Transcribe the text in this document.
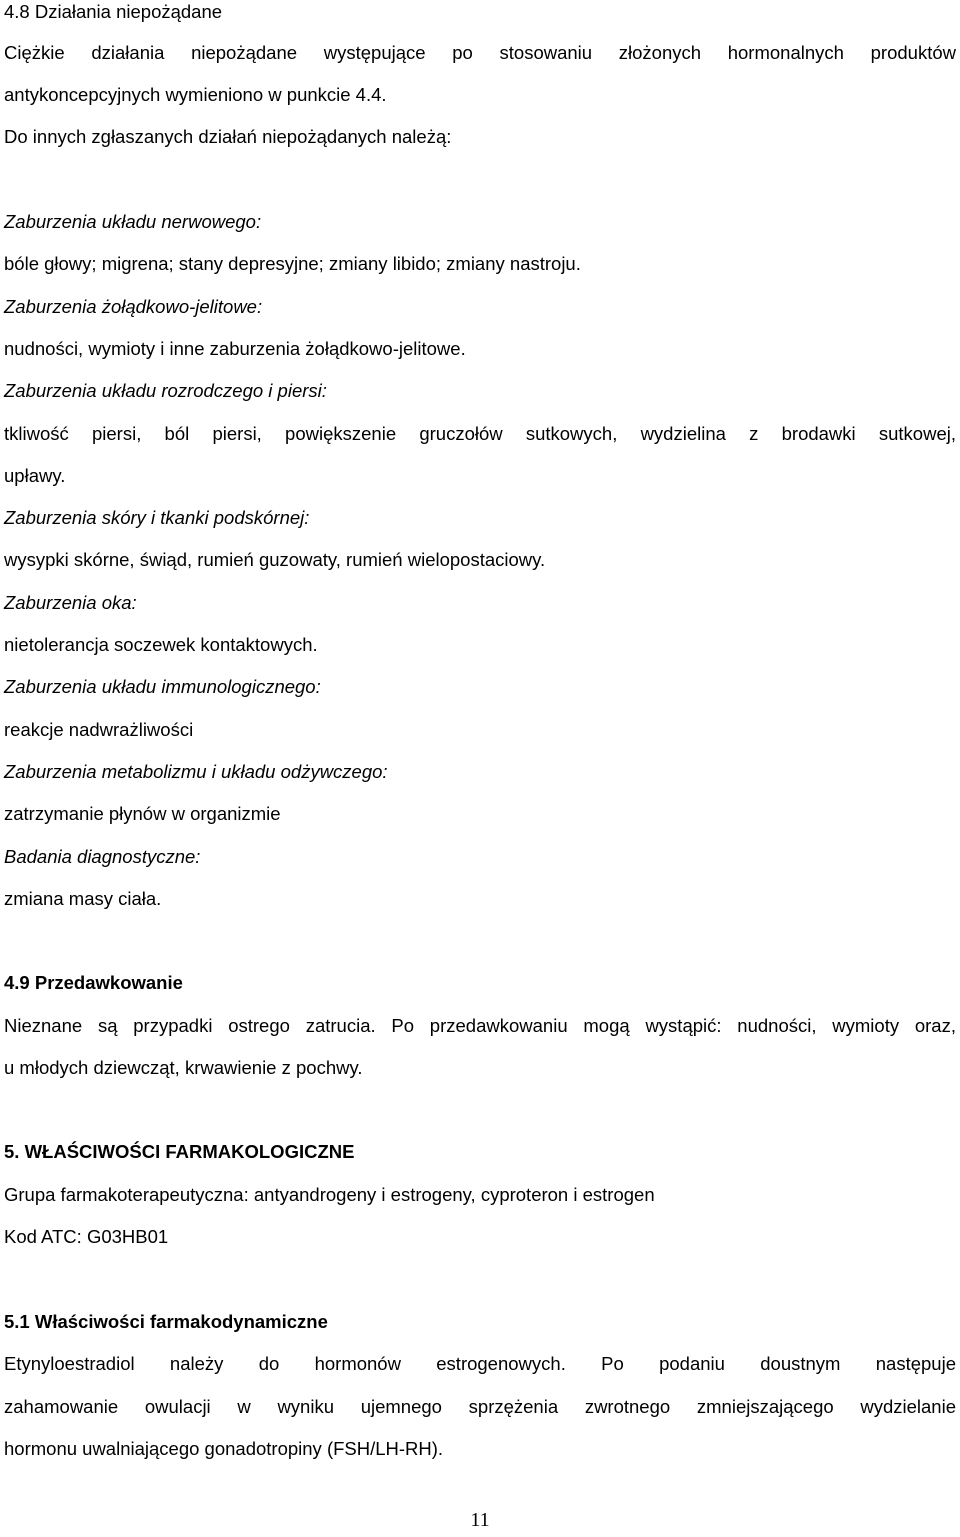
4.8 Działania niepożądane
Ciężkie działania niepożądane występujące po stosowaniu złożonych hormonalnych produktów
antykoncepcyjnych wymieniono w punkcie 4.4.
Do innych zgłaszanych działań niepożądanych należą:
Zaburzenia układu nerwowego:
bóle głowy; migrena; stany depresyjne; zmiany libido; zmiany nastroju.
Zaburzenia żołądkowo-jelitowe:
nudności, wymioty i inne zaburzenia żołądkowo-jelitowe.
Zaburzenia układu rozrodczego i piersi:
tkliwość piersi, ból piersi, powiększenie gruczołów sutkowych, wydzielina z brodawki sutkowej,
upławy.
Zaburzenia skóry i tkanki podskórnej:
wysypki skórne, świąd, rumień guzowaty, rumień wielopostaciowy.
Zaburzenia oka:
nietolerancja soczewek kontaktowych.
Zaburzenia układu immunologicznego:
reakcje nadwrażliwości
Zaburzenia metabolizmu i układu odżywczego:
zatrzymanie płynów w organizmie
Badania diagnostyczne:
zmiana masy ciała.
4.9 Przedawkowanie
Nieznane są przypadki ostrego zatrucia. Po przedawkowaniu mogą wystąpić: nudności, wymioty oraz,
u młodych dziewcząt, krwawienie z pochwy.
5. WŁAŚCIWOŚCI FARMAKOLOGICZNE
Grupa farmakoterapeutyczna: antyandrogeny i estrogeny, cyproteron i estrogen
Kod ATC: G03HB01
5.1 Właściwości farmakodynamiczne
Etynyloestradiol należy do hormonów estrogenowych. Po podaniu doustnym następuje
zahamowanie owulacji w wyniku ujemnego sprzężenia zwrotnego zmniejszającego wydzielanie
hormonu uwalniającego gonadotropiny (FSH/LH-RH).
11
